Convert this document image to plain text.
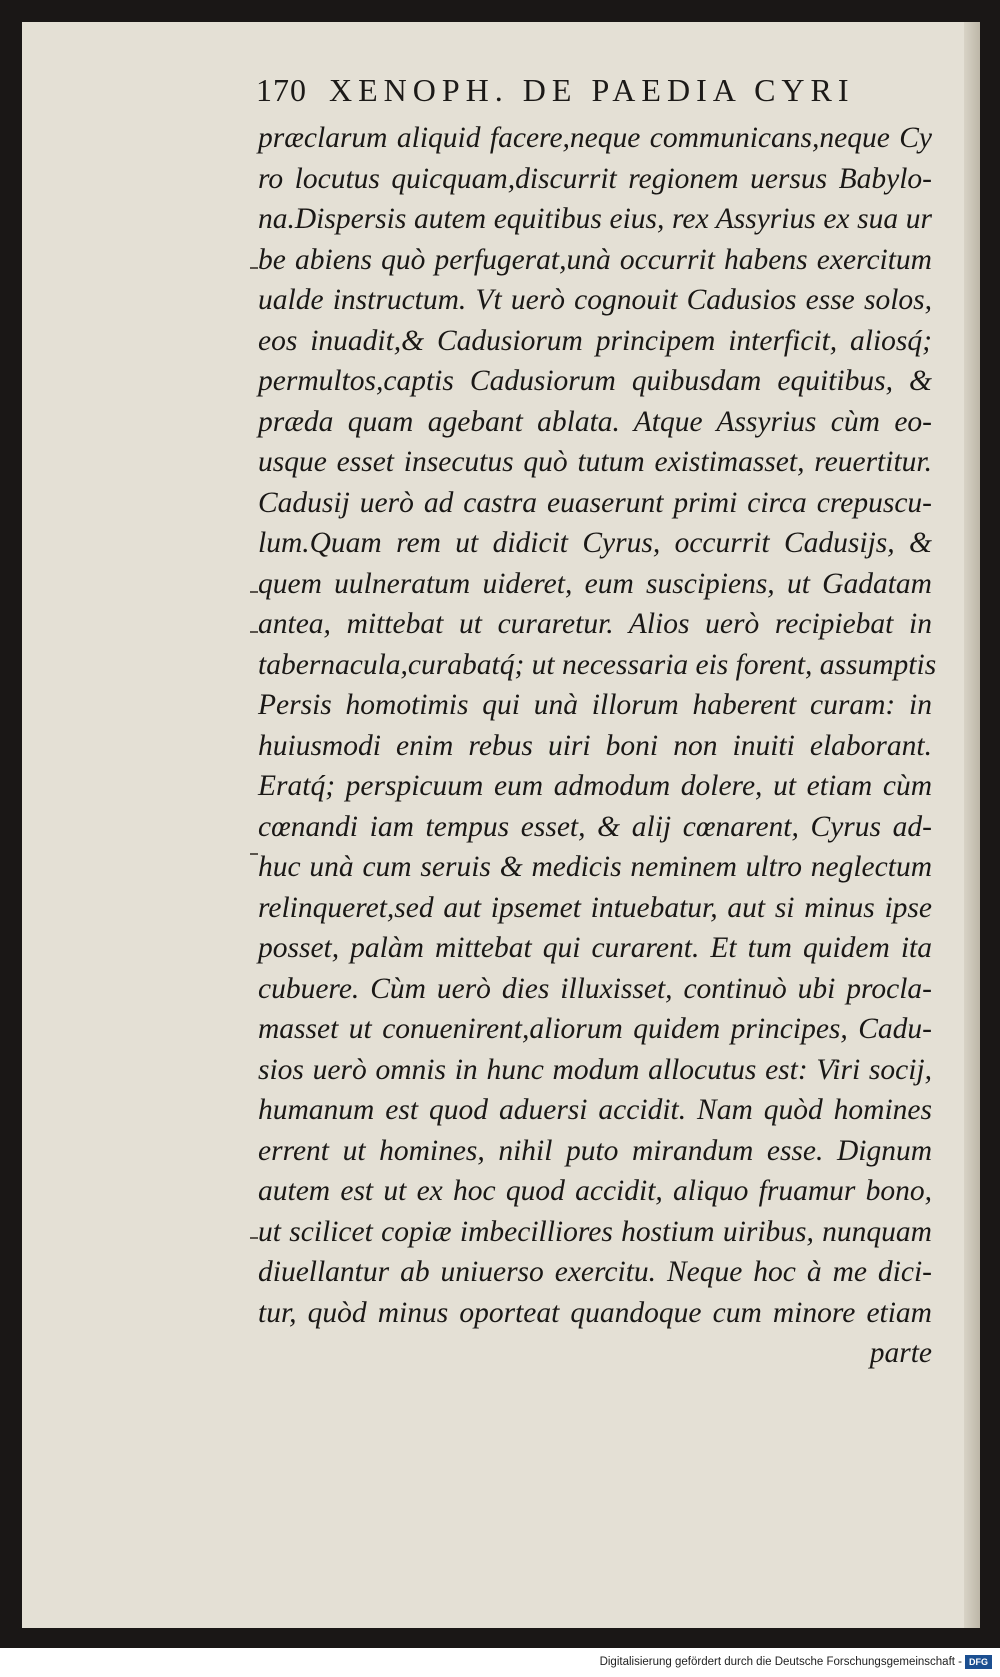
170 XENOPH. DE PAEDIA CYRI
præclarum aliquid facere,neque communicans,neque Cy
ro locutus quicquam,discurrit regionem uersus Babylo-
na.Dispersis autem equitibus eius, rex Assyrius ex sua ur
be abiens quò perfugerat,unà occurrit habens exercitum
ualde instructum. Vt uerò cognouit Cadusios esse solos,
eos inuadit,& Cadusiorum principem interficit, aliosq́;
permultos,captis Cadusiorum quibusdam equitibus, &
præda quam agebant ablata. Atque Assyrius cùm eo-
usque esset insecutus quò tutum existimasset, reuertitur.
Cadusij uerò ad castra euaserunt primi circa crepuscu-
lum.Quam rem ut didicit Cyrus, occurrit Cadusijs, &
quem uulneratum uideret, eum suscipiens, ut Gadatam
antea, mittebat ut curaretur. Alios uerò recipiebat in
tabernacula,curabatq́; ut necessaria eis forent, assumptis
Persis homotimis qui unà illorum haberent curam: in
huiusmodi enim rebus uiri boni non inuiti elaborant.
Eratq́; perspicuum eum admodum dolere, ut etiam cùm
cœnandi iam tempus esset, & alij cœnarent, Cyrus ad-
huc unà cum seruis & medicis neminem ultro neglectum
relinqueret,sed aut ipsemet intuebatur, aut si minus ipse
posset, palàm mittebat qui curarent. Et tum quidem ita
cubuere. Cùm uerò dies illuxisset, continuò ubi procla-
masset ut conuenirent,aliorum quidem principes, Cadu-
sios uerò omnis in hunc modum allocutus est: Viri socij,
humanum est quod aduersi accidit. Nam quòd homines
errent ut homines, nihil puto mirandum esse. Dignum
autem est ut ex hoc quod accidit, aliquo fruamur bono,
ut scilicet copiæ imbecilliores hostium uiribus, nunquam
diuellantur ab uniuerso exercitu. Neque hoc à me dici-
tur, quòd minus oporteat quandoque cum minore etiam
parte
Digitalisierung gefördert durch die Deutsche Forschungsgemeinschaft - DFG
